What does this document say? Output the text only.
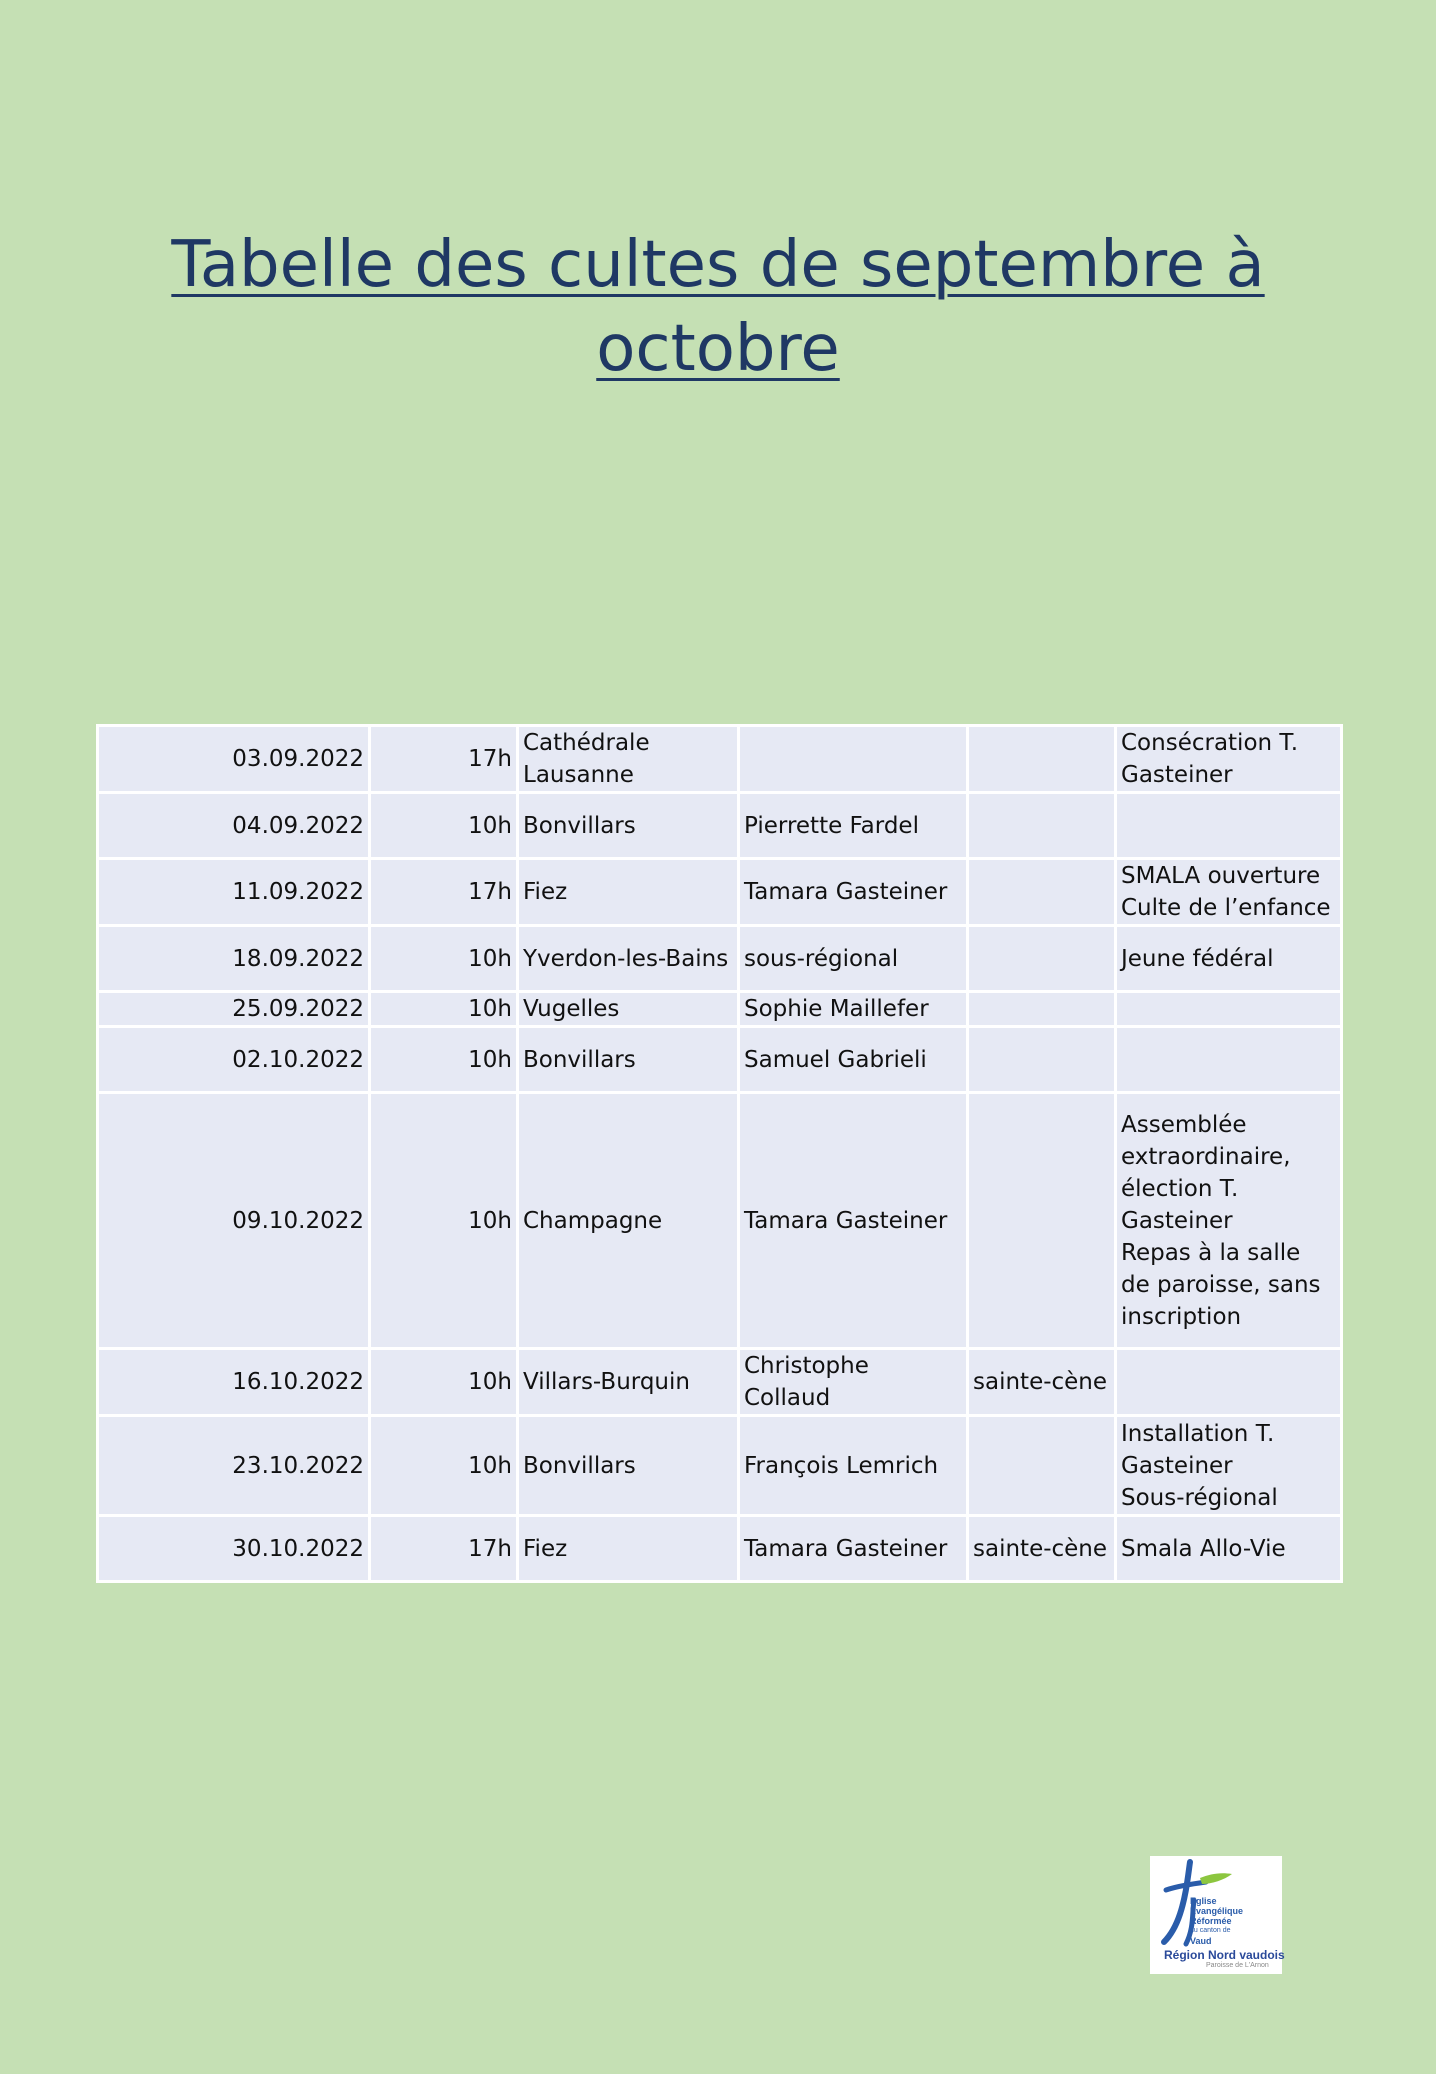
Tabelle des cultes de septembre à
octobre
03.09.2022	17h	Cathédrale Lausanne			Consécration T. Gasteiner
04.09.2022	10h	Bonvillars	Pierrette Fardel		
11.09.2022	17h	Fiez	Tamara Gasteiner		SMALA ouverture
Culte de l’enfance
18.09.2022	10h	Yverdon-les-Bains	sous-régional		Jeune fédéral
25.09.2022	10h	Vugelles	Sophie Maillefer		
02.10.2022	10h	Bonvillars	Samuel Gabrieli		
09.10.2022	10h	Champagne	Tamara Gasteiner		Assemblée extraordinaire, élection T. Gasteiner
Repas à la salle de paroisse, sans inscription
16.10.2022	10h	Villars-Burquin	Christophe Collaud	sainte-cène	
23.10.2022	10h	Bonvillars	François Lemrich		Installation T. Gasteiner
Sous-régional
30.10.2022	17h	Fiez	Tamara Gasteiner	sainte-cène	Smala Allo-Vie
Eglise
Evangélique
Réformée
du canton de
Vaud
Région Nord vaudois
Paroisse de L'Arnon
